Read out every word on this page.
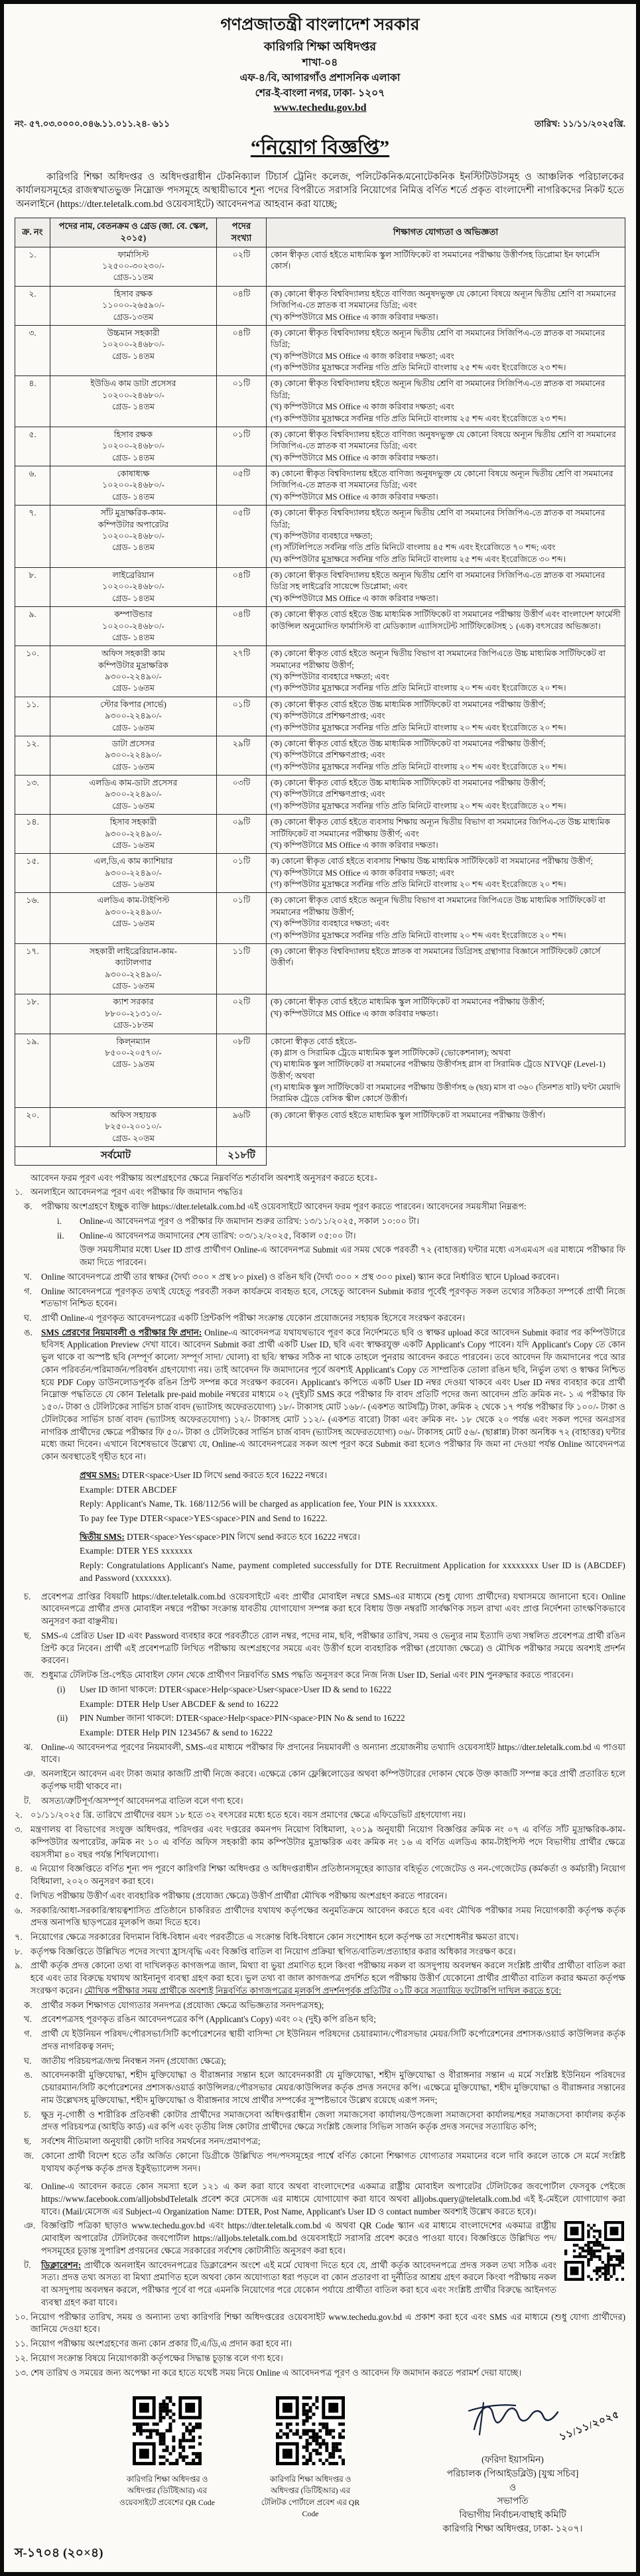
গণপ্রজাতন্ত্রী বাংলাদেশ সরকার
কারিগরি শিক্ষা অধিদপ্তর
শাখা-০৪
এফ-৪/বি, আগারগাঁও প্রশাসনিক এলাকা
শের-ই-বাংলা নগর, ঢাকা- ১২০৭
www.techedu.gov.bd
নং- ৫৭.০৩.০০০০.০৪৬.১১.০১১.২৪- ৬১১	তারিখ: ১১/১১/২০২৫খ্রি.
“নিয়োগ বিজ্ঞপ্তি”
কারিগরি শিক্ষা অধিদপ্তর ও অধিদপ্তরাধীন টেকনিক্যাল টিচার্স ট্রেনিং কলেজ, পলিটেকনিক/মনোটেকনিক ইনস্টিটিউটসমূহ ও আঞ্চলিক পরিচালকের কার্যালয়সমূহের রাজস্বখাতভুক্ত নিম্নোক্ত পদসমূহে অস্থায়ীভাবে শূন্য পদের বিপরীতে সরাসরি নিয়োগের নিমিত্ত বর্ণিত শর্তে প্রকৃত বাংলাদেশী নাগরিকদের নিকট হতে অনলাইনে (https://dter.teletalk.com.bd ওয়েবসাইটে) আবেদনপত্র আহবান করা যাচ্ছে;
ক্র. নং	পদের নাম, বেতনক্রম ও গ্রেড (জা. বে. স্কেল, ২০১৫)	পদের সংখ্যা	শিক্ষাগত যোগ্যতা ও অভিজ্ঞতা

১.	ফার্মাসিস্ট
১২৫০০-৩০২৩০/-
গ্রেড-১১তম	০২টি	কোন স্বীকৃত বোর্ড হইতে মাধ্যমিক স্কুল সার্টিফিকেট বা সমমানের পরীক্ষায় উত্তীর্ণসহ ডিপ্লোমা ইন ফার্মেসি কোর্স।

২.	হিসাব রক্ষক
১১০০০-২৬৫৯০/-
গ্রেড-১৩তম

০৪টি	(ক) কোনো স্বীকৃত বিশ্ববিদ্যালয় হইতে বাণিজ্য অনুষদভুক্ত যে কোনো বিষয়ে অন্যূন দ্বিতীয় শ্রেণি বা সমমানের সিজিপিএ-তে স্নাতক বা সমমানের ডিগ্রি; এবং
(খ) কম্পিউটারে MS Office এ কাজ করিবার দক্ষতা।

৩.	উচ্চমান সহকারী
১০২০০-২৪৬৮০/-
গ্রেড- ১৪তম

০৪টি	(ক) কোনো স্বীকৃত বিশ্ববিদ্যালয় হইতে অন্যূন দ্বিতীয় শ্রেণি বা সমমানের সিজিপিএ-তে স্নাতক বা সমমানের ডিগ্রি;
(খ) কম্পিউটারে MS Office এ কাজ করিবার দক্ষতা; এবং
(গ) কম্পিউটার মুদ্রাক্ষরে সর্বনিম্ন গতি প্রতি মিনিটে বাংলায় ২৫ শব্দ এবং ইংরেজিতে ২৩ শব্দ।

৪.	ইউডিএ কাম ডাটা প্রসেসর
১০২০০-২৪৬৮০/-
গ্রেড- ১৪তম

০১টি	(ক) কোনো স্বীকৃত বিশ্ববিদ্যালয় হইতে অন্যূন দ্বিতীয় শ্রেণি বা সমমানের সিজিপিএ-তে স্নাতক বা সমমানের ডিগ্রি;
(খ) কম্পিউটারে MS Office এ কাজ করিবার দক্ষতা; এবং
(গ) কম্পিউটার মুদ্রাক্ষরে সর্বনিম্ন গতি প্রতি মিনিটে বাংলায় ২৫ শব্দ এবং ইংরেজিতে ২৩ শব্দ।

৫.	হিসাব রক্ষক
১০২০০-২৪৬৮০/-
গ্রেড- ১৪তম

০১টি	(ক) কোনো স্বীকৃত বিশ্ববিদ্যালয় হইতে বাণিজ্য অনুষদভুক্ত যে কোনো বিষয়ে অন্যূন দ্বিতীয় শ্রেণি বা সমমানের সিজিপিএ-তে স্নাতক বা সমমানের ডিগ্রি; এবং
(খ) কম্পিউটারে MS Office এ কাজ করিবার দক্ষতা।

৬.	কোষাধ্যক্ষ
১০২০০-২৪৬৮০/-
গ্রেড- ১৪তম

০৫টি	ক) কোনো স্বীকৃত বিশ্ববিদ্যালয় হইতে বাণিজ্য অনুষদভুক্ত যে কোনো বিষয়ে অন্যূন দ্বিতীয় শ্রেণি বা সমমানের সিজিপিএ-তে স্নাতক বা সমমানের ডিগ্রি; এবং
(খ) কম্পিউটারে MS Office এ কাজ করিবার দক্ষতা।

৭.	সাঁট মুদ্রাক্ষরিক-কাম-
কম্পিউটার অপারেটর
১০২০০-২৪৬৮০/-
গ্রেড- ১৪তম

০৫টি	(ক) কোনো স্বীকৃত বিশ্ববিদ্যালয় হইতে অন্যূন দ্বিতীয় শ্রেণি বা সমমানের সিজিপিএ-তে স্নাতক বা সমমানের ডিগ্রি;
(খ) কম্পিউটার ব্যবহারে দক্ষতা;
(গ) সাঁটলিপিতে সর্বনিম্ন গতি প্রতি মিনিটে বাংলায় ৪৫ শব্দ এবং ইংরেজিতে ৭০ শব্দ; এবং
(ঘ) কম্পিউটার মুদ্রাক্ষরে সর্বনিম্ন গতি প্রতি মিনিটে বাংলায় ২৫ শব্দ এবং ইংরেজিতে ৩০ শব্দ।

৮.	লাইব্রেরিয়ান
১০২০০-২৪৬৮০/-
গ্রেড- ১৪তম

০৪টি	(ক) কোনো স্বীকৃত বিশ্ববিদ্যালয় হইতে অন্যূন দ্বিতীয় শ্রেণি বা সমমানের সিজিপিএ-তে স্নাতক বা সমমানের ডিগ্রি সহ লাইব্রেরি সায়েন্সে ডিপ্লোমা; এবং
(খ) কম্পিউটারে MS Office এ কাজ করিবার দক্ষতা।

৯.	কম্পাউন্ডার
১০২০০-২৪৬৮০/-
গ্রেড- ১৪তম	০৪টি	(ক) কোনো স্বীকৃত বোর্ড হইতে উচ্চ মাধ্যমিক সার্টিফিকেট বা সমমানের পরীক্ষায় উত্তীর্ণ এবং বাংলাদেশ ফার্মেসী কাউন্সিল অনুমোদিত ফার্মাসিস্ট বা মেডিক্যাল এ্যাসিসটেন্ট সার্টিফিকেটসহ ১ (এক) বৎসরের অভিজ্ঞতা।

১০.	অফিস সহকারী কাম
কম্পিউটার মুদ্রাক্ষরিক
৯৩০০-২২৪৯০/-
গ্রেড- ১৬তম

২৭টি	(ক) কোনো স্বীকৃত বোর্ড হইতে অন্যূন দ্বিতীয় বিভাগ বা সমমানের জিপিএতে উচ্চ মাধ্যমিক সার্টিফিকেট বা সমমানের পরীক্ষায় উত্তীর্ণ;
(খ) কম্পিউটার ব্যবহারে দক্ষতা; এবং
(গ) কম্পিউটার মুদ্রাক্ষরে সর্বনিম্ন গতি প্রতি মিনিটে বাংলায় ২০ শব্দ এবং ইংরেজিতে ২০ শব্দ।

১১.	স্টোর কিপার (সার্ভে)
৯৩০০-২২৪৯০/-
গ্রেড- ১৬তম

০১টি	(ক) কোনো স্বীকৃত বোর্ড হইতে উচ্চ মাধ্যমিক সার্টিফিকেট বা সমমানের পরীক্ষায় উত্তীর্ণ;
(খ) কম্পিউটারে প্রশিক্ষণপ্রাপ্ত; এবং
(গ) কম্পিউটার মুদ্রাক্ষরে সর্বনিম্ন গতি প্রতি মিনিটে বাংলায় ২০ শব্দ এবং ইংরেজিতে ২০ শব্দ।

১২.	ডাটা প্রসেসর
৯৩০০-২২৪৯০/-
গ্রেড- ১৬তম

২৯টি	(ক) কোনো স্বীকৃত বোর্ড হইতে উচ্চ মাধ্যমিক সার্টিফিকেট বা সমমানের পরীক্ষায় উত্তীর্ণ;
(খ) কম্পিউটারে প্রশিক্ষণপ্রাপ্ত; এবং
(গ) কম্পিউটার মুদ্রাক্ষরে সর্বনিম্ন গতি প্রতি মিনিটে বাংলায় ২০ শব্দ এবং ইংরেজিতে ২০ শব্দ।

১৩.	এলডিএ কাম-ডাটা প্রসেসর
৯৩০০-২২৪৯০/-
গ্রেড- ১৬তম

০৩টি	(ক) কোনো স্বীকৃত বোর্ড হইতে উচ্চ মাধ্যমিক সার্টিফিকেট বা সমমানের পরীক্ষায় উত্তীর্ণ;
(খ) কম্পিউটারে প্রশিক্ষণপ্রাপ্ত; এবং
(গ) কম্পিউটার মুদ্রাক্ষরে সর্বনিম্ন গতি প্রতি মিনিটে বাংলায় ২০ শব্দ এবং ইংরেজিতে ২০ শব্দ।

১৪.	হিসাব সহকারী
৯৩০০-২২৪৯০/-
গ্রেড- ১৬তম

০৯টি	(ক) কোনো স্বীকৃত বোর্ড হইতে ব্যবসায় শিক্ষায় অন্যূন দ্বিতীয় বিভাগ বা সমমানের জিপিএ-তে উচ্চ মাধ্যমিক সার্টিফিকেট বা সমমানের পরীক্ষায় উত্তীর্ণ; এবং
(খ) কম্পিউটারে MS Office এ কাজ করিবার দক্ষতা।

১৫.	এল,ডি,এ কাম ক্যাশিয়ার
৯৩০০-২২৪৯০/-
গ্রেড- ১৬তম

০১টি	ক) কোনো স্বীকৃত বোর্ড হইতে ব্যবসায় শিক্ষায় উচ্চ মাধ্যমিক সার্টিফিকেট বা সমমানের পরীক্ষায় উত্তীর্ণ;
(খ) কম্পিউটারে MS Office এ কাজ করিবার দক্ষতা; এবং
(গ) কম্পিউটার মুদ্রাক্ষরে সর্বনিম্ন গতি প্রতি মিনিটে বাংলায় ২০ শব্দ এবং ইংরেজিতে ২০ শব্দ।

১৬.	এলডিএ কাম-টাইপিস্ট
৯৩০০-২২৪৯০/-
গ্রেড- ১৬তম

০১টি	(ক) কোনো স্বীকৃত বোর্ড হইতে অন্যূন দ্বিতীয় বিভাগ বা সমমানের জিপিএতে উচ্চ মাধ্যমিক সার্টিফিকেট বা সমমানের পরীক্ষায় উত্তীর্ণ;
(খ) কম্পিউটার ব্যবহারে দক্ষতা; এবং
(গ) কম্পিউটার মুদ্রাক্ষরে সর্বনিম্ন গতি প্রতি মিনিটে বাংলায় ২০ শব্দ এবং ইংরেজিতে ২০ শব্দ।

১৭.	সহকারী লাইব্রেরিয়ান-কাম-
ক্যাটালগার
৯৩০০-২২৪৯০/-
গ্রেড- ১৬তম	১১টি	(ক) কোনো স্বীকৃত বিশ্ববিদ্যালয় হইতে স্নাতক বা সমমানের ডিগ্রিসহ গ্রন্থাগার বিজ্ঞানে সার্টিফিকেট কোর্সে উত্তীর্ণ।

১৮.	ক্যাশ সরকার
৮৮০০-২১৩১০/-
গ্রেড-১৮তম

০২টি	(ক) কোনো স্বীকৃত বোর্ড হইতে মাধ্যমিক স্কুল সার্টিফিকেট বা সমমানের পরীক্ষায় উত্তীর্ণ;
(খ) কম্পিউটারে MS Office এ কাজ করিবার দক্ষতা।

১৯.	কিল্নম্যান
৮৫০০-২০৫৭০/-
গ্রেড- ১৯তম

০৮টি	কোনো স্বীকৃত বোর্ড হইতে-
(ক) গ্লাস ও সিরামিক ট্রেডে মাধ্যমিক স্কুল সার্টিফিকেট (ভোকেশনাল); অথবা
(খ) মাধ্যমিক স্কুল সার্টিফিকেট বা সমমানের পরীক্ষায় উত্তীর্ণসহ গ্লাস বা সিরামিক ট্রেডে NTVQF (Level-1) উত্তীর্ণ; অথবা
(গ) মাধ্যমিক স্কুল সার্টিফিকেট বা সমমানের পরীক্ষায় উত্তীর্ণসহ ৬ (ছয়) মাস বা ৩৬০ (তিনশত ষাট) ঘন্টা মেয়াদি সিরামিক ট্রেডে বেসিক স্কীল কোর্সে উত্তীর্ণ।

২০.	অফিস সহায়ক
৮২৫০-২০০১০/-
গ্রেড- ২০তম	৯৬টি	(ক) কোনো স্বীকৃত বোর্ড হইতে মাধ্যমিক স্কুল সার্টিফিকেট বা সমমানের পরীক্ষায় উত্তীর্ণ।

সর্বমোট		২১৮টি	
আবেদন ফরম পূরণ এবং পরীক্ষায় অংশগ্রহণের ক্ষেত্রে নিম্নবর্ণিত শর্তাবলি অবশ্যই অনুসরণ করতে হবেঃ-
১. অনলাইনে আবেদনপত্র পূরণ এবং পরীক্ষার ফি জমাদান পদ্ধতিঃ
ক. পরীক্ষায় অংশগ্রহণে ইচ্ছুক ব্যক্তি https://dter.teletalk.com.bd এই ওয়েবসাইটে আবেদন ফরম পূরণ করতে পারবেন। আবেদনের সময়সীমা নিম্নরূপ:
i. Online-এ আবেদনপত্র পূরণ ও পরীক্ষার ফি জমাদান শুরুর তারিখ: ১৩/১১/২০২৫, সকাল ১০:০০ টা।
ii. Online-এ আবেদনপত্র জমাদানের শেষ তারিখ: ০৩/১২/২০২৫, বিকাল ০৫:০০ টা।
উক্ত সময়সীমার মধ্যে User ID প্রাপ্ত প্রার্থীগণ Online-এ আবেদনপত্র Submit এর সময় থেকে পরবর্তী ৭২ (বাহাত্তর) ঘন্টার মধ্যে এসএমএস এর মাধ্যমে পরীক্ষার ফি জমা দিতে পারবেন।
খ. Online আবেদনপত্রে প্রার্থী তার স্বাক্ষর (দৈর্ঘ্য ৩০০ × প্রস্থ ৮০ pixel) ও রঙিন ছবি (দৈর্ঘ্য ৩০০ × প্রস্থ ৩০০ pixel) স্ক্যান করে নির্ধারিত স্থানে Upload করবেন।
গ. Online আবেদনপত্রে পূরণকৃত তথ্যই যেহেতু পরবর্তী সকল কার্যক্রমে ব্যবহৃত হবে, সেহেতু আবেদন Submit করার পূর্বেই পূরণকৃত সকল তথ্যের সঠিকতা সম্পর্কে প্রার্থী নিজে শতভাগ নিশ্চিত হবেন।
ঘ. প্রার্থী Online-এ পূরণকৃত আবেদনপত্রের একটি প্রিন্টকপি পরীক্ষা সংক্রান্ত যেকোন প্রয়োজনের সহায়ক হিসেবে সংরক্ষণ করবেন।
ঙ. SMS প্রেরণের নিয়মাবলী ও পরীক্ষার ফি প্রদান: Online-এ আবেদনপত্র যথাযথভাবে পূরণ করে নির্দেশমতে ছবি ও স্বাক্ষর upload করে আবেদন Submit করার পর কম্পিউটারে ছবিসহ Application Preview দেখা যাবে। আবেদন Submit করা প্রার্থী একটি User ID, ছবি এবং স্বাক্ষরযুক্ত একটি Applicant's Copy পাবেন। যদি Applicant's Copy তে কোন ভুল থাকে বা অস্পষ্ট ছবি (সম্পূর্ণ কালো/ সম্পূর্ণ সাদা/ ঘোলা) বা ছবি/ স্বাক্ষর সঠিক না থাকে তাহলে পুনরায় আবেদন করতে পারবেন। তবে আবেদন ফি জমাদানের পরে আর কোন পরিবর্তন/পরিমার্জন/পরিবর্ধন গ্রহণযোগ্য নয়। তাই আবেদন ফি জমাদানের পূর্বে অবশ্যই Applicant's Copy তে সাম্প্রতিক তোলা রঙিন ছবি, নির্ভুল তথ্য ও স্বাক্ষর নিশ্চিত হয়ে PDF Copy ডাউনলোডপূর্বক রঙিন প্রিন্ট সম্পন্ন করে সংরক্ষণ করবেন। Applicant's কপিতে একটি User ID নম্বর দেওয়া থাকবে এবং User ID নম্বর ব্যবহার করে প্রার্থী নিম্নোক্ত পদ্ধতিতে যে কোন Teletalk pre-paid mobile নম্বরের মাধ্যমে ০২ (দুই)টি SMS করে পরীক্ষার ফি বাবদ প্রতিটি পদের জন্য আবেদন প্রতি ক্রমিক নং- ১ এ পরীক্ষার ফি ১৫০/- টাকা ও টেলিটকের সার্ভিস চার্জ বাবদ (ভ্যাটসহ অফেরতযোগ্য) ১৮/- টাকাসহ মোট ১৬৮/- (একশত আটষট্টি) টাকা, ক্রমিক ২ থেকে ১৭ পর্যন্ত পরীক্ষার ফি ১০০/- টাকা ও টেলিটকের সার্ভিস চার্জ বাবদ (ভ্যাটসহ অফেরতযোগ্য) ১২/- টাকাসহ মোট ১১২/- (একশত বারো) টাকা এবং ক্রমিক নং- ১৮ থেকে ২০ পর্যন্ত এবং সকল পদের অনগ্রসর নাগরিক প্রার্থীদের ক্ষেত্রে পরীক্ষার ফি ৫০/- টাকা ও টেলিটকের সার্ভিস চার্জ বাবদ (ভ্যাটসহ অফেরতযোগ্য) ০৬/- টাকাসহ মোট ৫৬/- (ছাপ্পান্ন) টাকা অনধিক ৭২ (বাহাত্তর) ঘন্টার মধ্যে জমা দিবেন। এখানে বিশেষভাবে উল্লেখ্য যে, Online-এ আবেদনপত্রের সকল অংশ পূরণ করে Submit করা হলেও পরীক্ষার ফি জমা না দেওয়া পর্যন্ত Online আবেদনপত্র কোন অবস্থাতেই গৃহীত হবে না।
প্রথম SMS: DTER<space>User ID লিখে send করতে হবে 16222 নম্বরে।
Example: DTER ABCDEF
Reply: Applicant's Name, Tk. 168/112/56 will be charged as application fee, Your PIN is xxxxxxx.
To pay fee Type DTER<space>YES<space>PIN and Send to 16222.
দ্বিতীয় SMS: DTER<space>Yes<space>PIN লিখে send করতে হবে 16222 নম্বরে।
Example: DTER YES xxxxxxx
Reply: Congratulations Applicant's Name, payment completed successfully for DTE Recruitment Application for xxxxxxxx User ID is (ABCDEF) and Password (xxxxxxx).
চ. প্রবেশপত্র প্রাপ্তির বিষয়টি https://dter.teletalk.com.bd ওয়েবসাইটে এবং প্রার্থীর মোবাইল নম্বরে SMS-এর মাধ্যমে (শুধু যোগ্য প্রার্থীদের) যথাসময়ে জানানো হবে। Online আবেদনপত্রে প্রার্থীর প্রদত্ত মোবাইল নম্বরে পরীক্ষা সংক্রান্ত যাবতীয় যোগাযোগ সম্পন্ন করা হবে বিধায় উক্ত নম্বরটি সার্বক্ষণিক সচল রাখা এবং প্রাপ্ত নির্দেশনা তাৎক্ষণিকভাবে অনুসরণ করা বাঞ্ছনীয়।
ছ. SMS-এ প্রেরিত User ID এবং Password ব্যবহার করে পরবর্তীতে রোল নম্বর, পদের নাম, ছবি, পরীক্ষার তারিখ, সময় ও ভেন্যুর নাম ইত্যাদি তথ্য সম্বলিত প্রবেশপত্র প্রার্থী রঙিন প্রিন্ট করে নিবেন। প্রার্থী এই প্রবেশপত্রটি লিখিত পরীক্ষায় অংশগ্রহণের সময়ে এবং উত্তীর্ণ হলে ব্যবহারিক পরীক্ষা (প্রযোজ্য ক্ষেত্রে) ও মৌখিক পরীক্ষার সময়ে অবশ্যই প্রদর্শন করবেন।
জ. শুধুমাত্র টেলিটক প্রি-পেইড মোবাইল ফোন থেকে প্রার্থীগণ নিম্নবর্ণিত SMS পদ্ধতি অনুসরণ করে নিজ নিজ User ID, Serial এবং PIN পুনরুদ্ধার করতে পারবেন।
(i) User ID জানা থাকলে: DTER<space>Help<space>User<space>User ID & send to 16222
Example: DTER Help User ABCDEF & send to 16222
(ii) PIN Number জানা থাকলে: DTER<space>Help<space>PIN<space>PIN No & send to 16222
Example: DTER Help PIN 1234567 & send to 16222
ঝ. Online-এ আবেদনপত্র পূরণের নিয়মাবলী, SMS-এর মাধ্যমে পরীক্ষার ফি প্রদানের নিয়মাবলী ও অন্যান্য প্রয়োজনীয় তথ্যাদি ওয়েবসাইট https://dter.teletalk.com.bd এ পাওয়া যাবে।
ঞ. অনলাইনে আবেদন এবং টাকা জমার কাজটি প্রার্থী নিজে করবে। এক্ষেত্রে কোন ফ্লেক্সিলোডের অথবা কম্পিউটারের দোকান থেকে উক্ত কাজটি সম্পন্ন করে প্রার্থী প্রতারিত হলে কর্তৃপক্ষ দায়ী থাকবে না।
ট. অসত্য/ত্রুটিপূর্ণ/অসম্পূর্ণ আবেদনপত্র বাতিল বলে গণ্য হবে।
২. ০১/১১/২০২৫ খ্রি. তারিখে প্রার্থীদের বয়স ১৮ হতে ৩২ বৎসরের মধ্যে হতে হবে। বয়স প্রমাণের ক্ষেত্রে এফিডেভিট গ্রহণযোগ্য নয়।
৩. মন্ত্রণালয় বা বিভাগের সংযুক্ত অধিদপ্তর, পরিদপ্তর এবং দপ্তরের কমনপদ নিয়োগ বিধিমালা, ২০১৯ অনুযায়ী নিয়োগ বিজ্ঞপ্তির ক্রমিক নং ০৭ এ বর্ণিত সাঁট মুদ্রাক্ষরিক-কাম-কম্পিউটার অপারেটর, ক্রমিক নং ১০ এ বর্ণিত অফিস সহকারী কাম কম্পিউটার মুদ্রাক্ষরিক এবং ক্রমিক নং ১৬ এ বর্ণিত এলডিএ কাম-টাইপিস্ট পদে বিভাগীয় প্রার্থীর ক্ষেত্রে বয়সসীমা ৪০ বছর পর্যন্ত শিথিলযোগ্য।
৪. এ নিয়োগ বিজ্ঞপ্তিতে বর্ণিত শূন্য পদ পূরণে কারিগরি শিক্ষা অধিদপ্তর ও অধিদপ্তরাধীন প্রতিষ্ঠানসমূহের ক্যাডার বহির্ভূত গেজেটেড ও নন-গেজেটেড (কর্মকর্তা ও কর্মচারী) নিয়োগ বিধিমালা, ২০২০ অনুসরণ করা হবে।
৫. লিখিত পরীক্ষায় উত্তীর্ণ এবং ব্যবহারিক পরীক্ষায় (প্রযোজ্য ক্ষেত্রে) উত্তীর্ণ প্রার্থীরা মৌখিক পরীক্ষায় অংশগ্রহণ করতে পারবেন।
৬. সরকারি/আধা-সরকারি/স্বায়ত্বশাসিত প্রতিষ্ঠানে চাকরিরত প্রার্থীদের যথাযথ কর্তৃপক্ষের অনুমতিক্রমে আবেদন করতে হবে এবং মৌখিক পরীক্ষার সময় নিয়োগকারী কর্তৃপক্ষ কর্তৃক প্রদত্ত অনাপত্তি ছাড়পত্রের মূলকপি জমা দিতে হবে।
৭. নিয়োগের ক্ষেত্রে সরকারের বিদ্যমান বিধি-বিধান এবং পরবর্তীতে এ সংক্রান্ত বিধি-বিধানে কোন সংশোধন হলে কর্তৃপক্ষ তা সংশোধনীর ক্ষমতা রাখে।
৮. কর্তৃপক্ষ বিজ্ঞপ্তিতে উল্লিখিত পদের সংখ্যা হ্রাস/বৃদ্ধি এবং বিজ্ঞপ্তি বাতিল বা নিয়োগ প্রক্রিয়া স্থগিত/বাতিল/প্রত্যাহার করার অধিকার সংরক্ষণ করে।
৯. প্রার্থী কর্তৃক প্রদত্ত কোনো তথ্য বা দাখিলকৃত কাগজপত্র জাল, মিথ্যা বা ভুয়া প্রমাণিত হলে কিংবা পরীক্ষায় নকল বা অসদুপায় অবলম্বন করলে সংশ্লিষ্ট প্রার্থীর প্রার্থীতা বাতিল করা হবে এবং তার বিরুদ্ধে যথাযথ আইনানুগ ব্যবস্থা গ্রহণ করা হবে। ভুল তথ্য বা জাল কাগজপত্র প্রদর্শিত হলে পরীক্ষায় উত্তীর্ণ যেকোনো প্রার্থীর প্রার্থীতা বাতিল করার ক্ষমতা কর্তৃপক্ষ সংরক্ষণ করেন। মৌখিক পরীক্ষার সময় প্রার্থীকে অবশ্যই নিম্নবর্ণিত কাগজপত্রের মূলকপি প্রদর্শনপূর্বক প্রতিটির ০১টি করে সত্যায়িত ফটোকপি দাখিল করতে হবে:
ক. প্রার্থীর সকল শিক্ষাগত যোগ্যতার সনদপত্র (প্রযোজ্য ক্ষেত্রে অভিজ্ঞতার সনদপত্রসহ);
খ. প্রবেশপত্রসহ পূরণকৃত রঙিন আবেদনপত্রের কপি (Applicant's Copy) এবং ০২ (দুই) কপি রঙিন ছবি;
গ. প্রার্থী যে ইউনিয়ন পরিষদ/পৌরসভা/সিটি কর্পোরেশনের স্থায়ী বাসিন্দা সে ইউনিয়ন পরিষদের চেয়ারম্যান/পৌরসভার মেয়র/সিটি কর্পোরেশনের প্রশাসক/ওয়ার্ড কাউন্সিলর কর্তৃক প্রদত্ত নাগরিকত্ব সনদ;
ঘ. জাতীয় পরিচয়পত্র/জন্ম নিবন্ধন সনদ (প্রযোজ্য ক্ষেত্রে);
ঙ. আবেদনকারী মুক্তিযোদ্ধা, শহীদ মুক্তিযোদ্ধা ও বীরাঙ্গনার সন্তান হলে আবেদনকারী যে মুক্তিযোদ্ধা, শহীদ মুক্তিযোদ্ধা ও বীরাঙ্গনার সন্তান এ মর্মে সংশ্লিষ্ট ইউনিয়ন পরিষদের চেয়ারম্যান/সিটি কর্পোরেশনের প্রশাসক/ওয়ার্ড কাউন্সিলর/পৌরসভার মেয়র/কাউন্সিলর কর্তৃক প্রদত্ত সনদের কপি। এক্ষেত্রে মুক্তিযোদ্ধা, শহীদ মুক্তিযোদ্ধা ও বীরাঙ্গনার সন্তানের নাম উল্লেখসহ মুক্তিযোদ্ধা, শহীদ মুক্তিযোদ্ধা ও বীরাঙ্গনার সাথে প্রার্থীর সম্পর্কের সুস্পষ্টভাবে উল্লেখ রয়েছে এরূপ সনদ;
চ. ক্ষুদ্র নৃ-গোষ্ঠী ও শারীরিক প্রতিবন্ধী কোটার প্রার্থীদের সমাজসেবা অধিদপ্তরাধীন জেলা সমাজসেবা কার্যালয়/উপজেলা সমাজসেবা কার্যালয়/শহর সমাজসেবা কার্যালয় কর্তৃক প্রদত্ত পরিচয়পত্র (আইডি কার্ড) এর কপি এবং তৃতীয় লিঙ্গ কোটার প্রার্থীদের ক্ষেত্রে সংশ্লিষ্ট জেলার সিভিল সার্জন কর্তৃক প্রদত্ত সনদের সত্যায়িত কপি;
ছ. সর্বশেষ নীতিমালা অনুযায়ী কোটা দাবির সমর্থনের সনদ/প্রমাণপত্র;
জ. কোনো প্রার্থী বিদেশ হতে তাঁর অর্জিত কোনো ডিগ্রীকে উল্লিখিত পদ/পদসমূহের পার্শ্বে বর্ণিত কোনো শিক্ষাগত যোগ্যতার সমমানের বলে দাবি করলে তাকে সে মর্মে সংশ্লিষ্ট যথাযথ কর্তৃপক্ষ কর্তৃক প্রদত্ত ইকুইভ্যালেন্স সনদ।
ঝ. Online-এ আবেদন করতে কোন সমস্যা হলে ১২১ এ কল করা যাবে অথবা বাংলাদেশের একমাত্র রাষ্ট্রীয় মোবাইল অপারেটর টেলিটকের জবপোর্টাল ফেসবুক পেইজে https://www.facebook.com/alljobsbdTeletalk প্রবেশ করে মেসেজ এর মাধ্যমে যোগাযোগ করা যাবে অথবা alljobs.query@teletalk.com.bd এই ই-মেইলে যোগাযোগ করা যাবে। (Mail/মেসেজ এর Subject-এ Organization Name: DTER, Post Name, Applicant's User ID ও contact number অবশ্যই উল্লেখ করতে হবে)।
ঞ. বিজ্ঞপ্তিটি পত্রিকা ছাড়াও www.techedu.gov.bd এবং https://dter.teletalk.com.bd এ অথবা QR Code স্ক্যান এর মাধ্যমে বাংলাদেশের একমাত্র রাষ্ট্রীয় মোবাইল অপারেটর টেলিটকের জবপোর্টাল https://alljobs.teletalk.com.bd ওয়েবসাইটে সরাসরি প্রবেশ করেও পাওয়া যাবে। বিজ্ঞপ্তিতে উল্লিখিত পদ/পদসমূহের চূড়ান্ত সুপারিশ প্রণয়নের ক্ষেত্রে সরকারের সর্বশেষ কোটানীতি অনুসরণ করা হবে।
ট. ডিক্লারেশন: প্রার্থীকে অনলাইন আবেদনপত্রের ডিক্লারেশন অংশে এই মর্মে ঘোষণা দিতে হবে যে, প্রার্থী কর্তৃক আবেদনপত্রে প্রদত্ত সকল তথ্য সঠিক এবং সত্য। প্রদত্ত তথ্য অসত্য বা মিথ্যা প্রমাণিত হলে অথবা কোন অযোগ্যতা ধরা পড়লে বা কোন প্রতারণা বা দুর্নীতির আশ্রয় গ্রহণ করলে কিংবা পরীক্ষায় নকল বা অসদুপায় অবলম্বন করলে, পরীক্ষার পূর্বে বা পরে এমনকি নিয়োগের পরে যেকোন পর্যায়ে প্রার্থীতা বাতিল করা হবে এবং সংশ্লিষ্ট প্রার্থীর বিরুদ্ধে আইনগত ব্যবস্থা গ্রহণ করা যাবে।
১০. নিয়োগ পরীক্ষার তারিখ, সময় ও অন্যান্য তথ্য কারিগরি শিক্ষা অধিদপ্তরের ওয়েবসাইট www.techedu.gov.bd এ প্রকাশ করা হবে এবং SMS এর মাধ্যমে (শুধু যোগ্য প্রার্থীদের) জানিয়ে দেওয়া হবে।
১১. নিয়োগ পরীক্ষায় অংশগ্রহণের জন্য কোন প্রকার টি,এ/ডি,এ প্রদান করা হবে না।
১২. নিয়োগ সংক্রান্ত বিষয়ে নিয়োগকারী কর্তৃপক্ষের সিদ্ধান্ত চূড়ান্ত বলে গণ্য হবে।
১৩. শেষ তারিখ ও সময়ের জন্য অপেক্ষা না করে হাতে যথেষ্ট সময় নিয়ে Online এ আবেদনপত্র পূরণ ও আবেদন ফি জমাদান করতে পরামর্শ দেয়া যাচ্ছে।
কারিগরি শিক্ষা অধিদপ্তর ও অধিদপ্তর (ডিটিইআর) এর ওয়েবসাইটে প্রবেশের QR Code
কারিগরি শিক্ষা অধিদপ্তর ও অধিদপ্তর (ডিটিইআর) এর টেলিটক পোর্টালে প্রবেশ এর QR Code
১১/১১/২০২৫
(ফরিদা ইয়াসমিন)
পরিচালক (পিআইডব্লিউ) [যুগ্ম সচিব]
ও
সভাপতি
বিভাগীয় নির্বাচন/বাছাই কমিটি
কারিগরি শিক্ষা অধিদপ্তর, ঢাকা- ১২০৭।
স-১৭০৪ (২০×৪)
